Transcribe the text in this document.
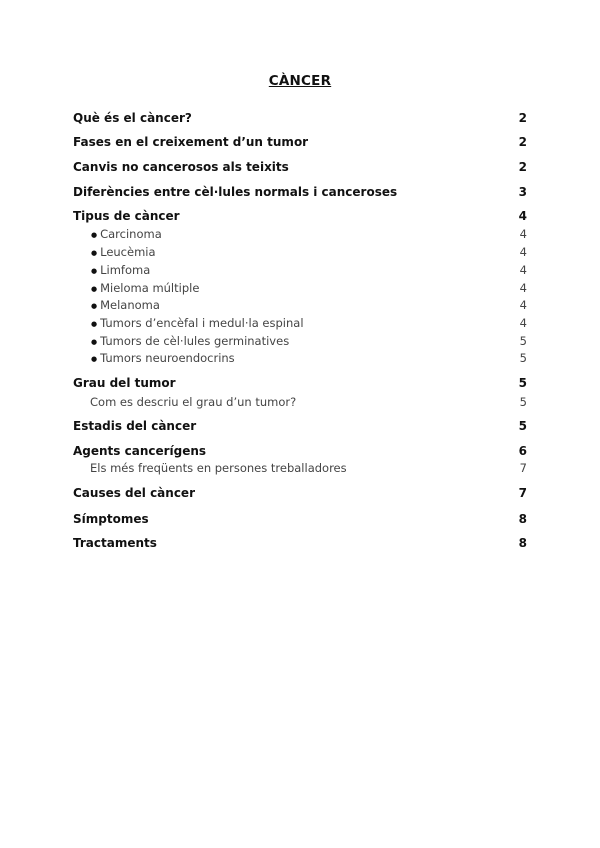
CÀNCER
Què és el càncer?	2
Fases en el creixement d’un tumor	2
Canvis no cancerosos als teixits	2
Diferències entre cèl·lules normals i canceroses	3
Tipus de càncer	4
● Carcinoma	4
● Leucèmia	4
● Limfoma	4
● Mieloma múltiple	4
● Melanoma	4
● Tumors d’encèfal i medul·la espinal	4
● Tumors de cèl·lules germinatives	5
● Tumors neuroendocrins	5
Grau del tumor	5
Com es descriu el grau d’un tumor?	5
Estadis del càncer	5
Agents cancerígens	6
Els més freqüents en persones treballadores	7
Causes del càncer	7
Símptomes	8
Tractaments	8
